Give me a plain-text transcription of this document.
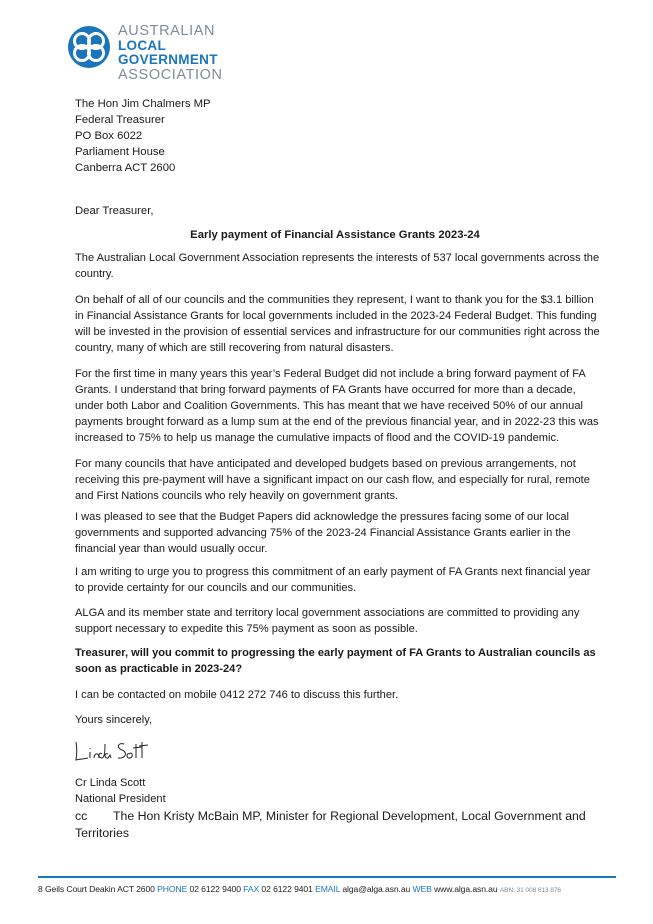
AUSTRALIAN
LOCAL GOVERNMENT
ASSOCIATION
The Hon Jim Chalmers MP
Federal Treasurer
PO Box 6022
Parliament House
Canberra ACT 2600
Dear Treasurer,
Early payment of Financial Assistance Grants 2023-24
The Australian Local Government Association represents the interests of 537 local governments across the country.
On behalf of all of our councils and the communities they represent, I want to thank you for the $3.1 billion in Financial Assistance Grants for local governments included in the 2023-24 Federal Budget. This funding will be invested in the provision of essential services and infrastructure for our communities right across the country, many of which are still recovering from natural disasters.
For the first time in many years this year’s Federal Budget did not include a bring forward payment of FA Grants. I understand that bring forward payments of FA Grants have occurred for more than a decade, under both Labor and Coalition Governments. This has meant that we have received 50% of our annual payments brought forward as a lump sum at the end of the previous financial year, and in 2022-23 this was increased to 75% to help us manage the cumulative impacts of flood and the COVID-19 pandemic.
For many councils that have anticipated and developed budgets based on previous arrangements, not receiving this pre-payment will have a significant impact on our cash flow, and especially for rural, remote and First Nations councils who rely heavily on government grants.
I was pleased to see that the Budget Papers did acknowledge the pressures facing some of our local governments and supported advancing 75% of the 2023-24 Financial Assistance Grants earlier in the financial year than would usually occur.
I am writing to urge you to progress this commitment of an early payment of FA Grants next financial year to provide certainty for our councils and our communities.
ALGA and its member state and territory local government associations are committed to providing any support necessary to expedite this 75% payment as soon as possible.
Treasurer, will you commit to progressing the early payment of FA Grants to Australian councils as soon as practicable in 2023-24?
I can be contacted on mobile 0412 272 746 to discuss this further.
Yours sincerely,
Cr Linda Scott
National President
cc The Hon Kristy McBain MP, Minister for Regional Development, Local Government and Territories
8 Geils Court Deakin ACT 2600 PHONE 02 6122 9400 FAX 02 6122 9401 EMAIL alga@alga.asn.au WEB www.alga.asn.au ABN: 31 008 613 876
